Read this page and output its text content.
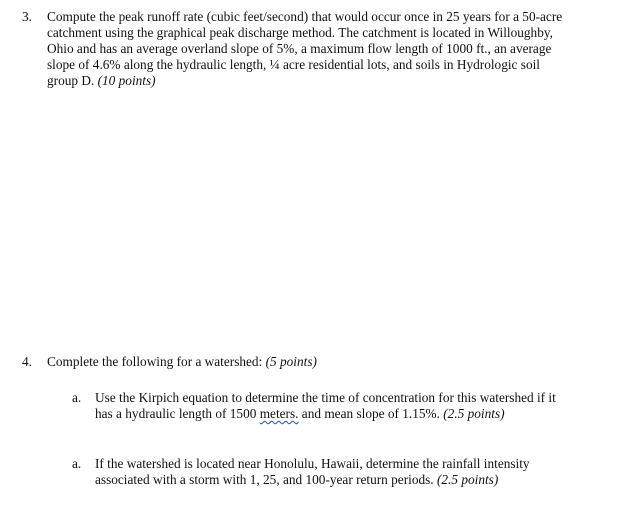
3. Compute the peak runoff rate (cubic feet/second) that would occur once in 25 years for a 50-acre
catchment using the graphical peak discharge method. The catchment is located in Willoughby,
Ohio and has an average overland slope of 5%, a maximum flow length of 1000 ft., an average
slope of 4.6% along the hydraulic length, ¼ acre residential lots, and soils in Hydrologic soil
group D. (10 points)
4. Complete the following for a watershed: (5 points)
a. Use the Kirpich equation to determine the time of concentration for this watershed if it
has a hydraulic length of 1500 meters. and mean slope of 1.15%. (2.5 points)
a. If the watershed is located near Honolulu, Hawaii, determine the rainfall intensity
associated with a storm with 1, 25, and 100-year return periods. (2.5 points)
